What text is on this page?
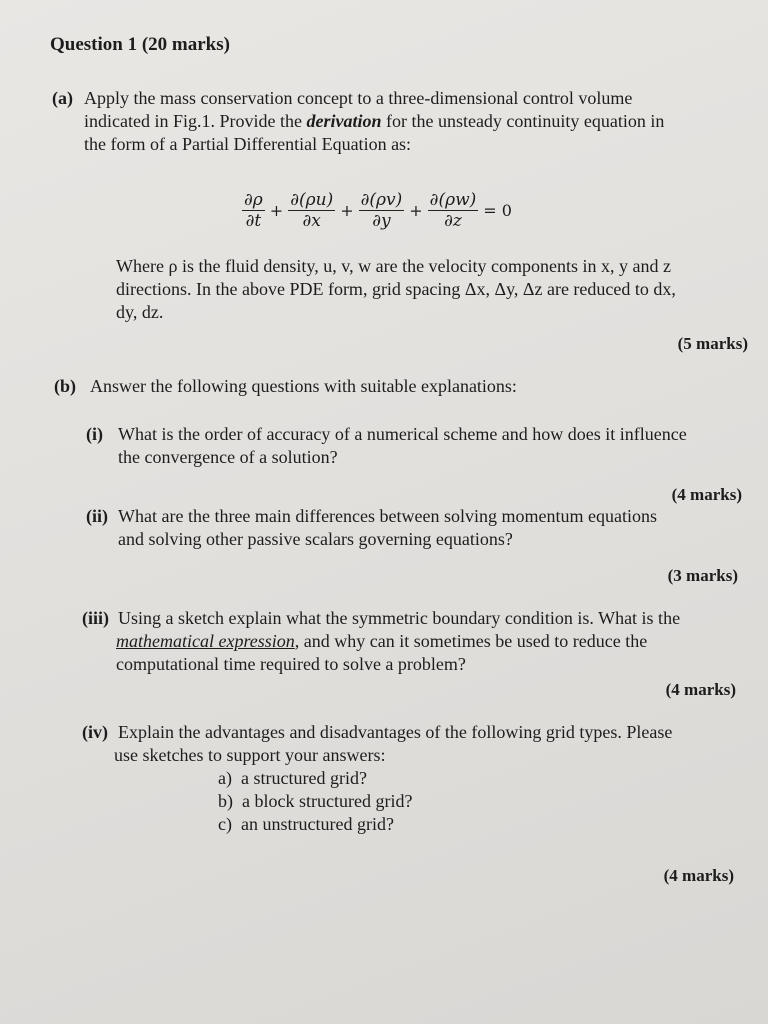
Question 1 (20 marks)
(a) Apply the mass conservation concept to a three-dimensional control volume
indicated in Fig.1. Provide the derivation for the unsteady continuity equation in
the form of a Partial Differential Equation as:
$\frac{\partial\rho}{\partial t} + \frac{\partial(\rho u)}{\partial x} + \frac{\partial(\rho v)}{\partial y} + \frac{\partial(\rho w)}{\partial z} = 0$
Where ρ is the fluid density, u, v, w are the velocity components in x, y and z
directions. In the above PDE form, grid spacing Δx, Δy, Δz are reduced to dx,
dy, dz.
(5 marks)
(b) Answer the following questions with suitable explanations:
(i) What is the order of accuracy of a numerical scheme and how does it influence
the convergence of a solution?
(4 marks)
(ii) What are the three main differences between solving momentum equations
and solving other passive scalars governing equations?
(3 marks)
(iii) Using a sketch explain what the symmetric boundary condition is. What is the
mathematical expression, and why can it sometimes be used to reduce the
computational time required to solve a problem?
(4 marks)
(iv) Explain the advantages and disadvantages of the following grid types. Please
use sketches to support your answers:
a) a structured grid?
b) a block structured grid?
c) an unstructured grid?
(4 marks)
